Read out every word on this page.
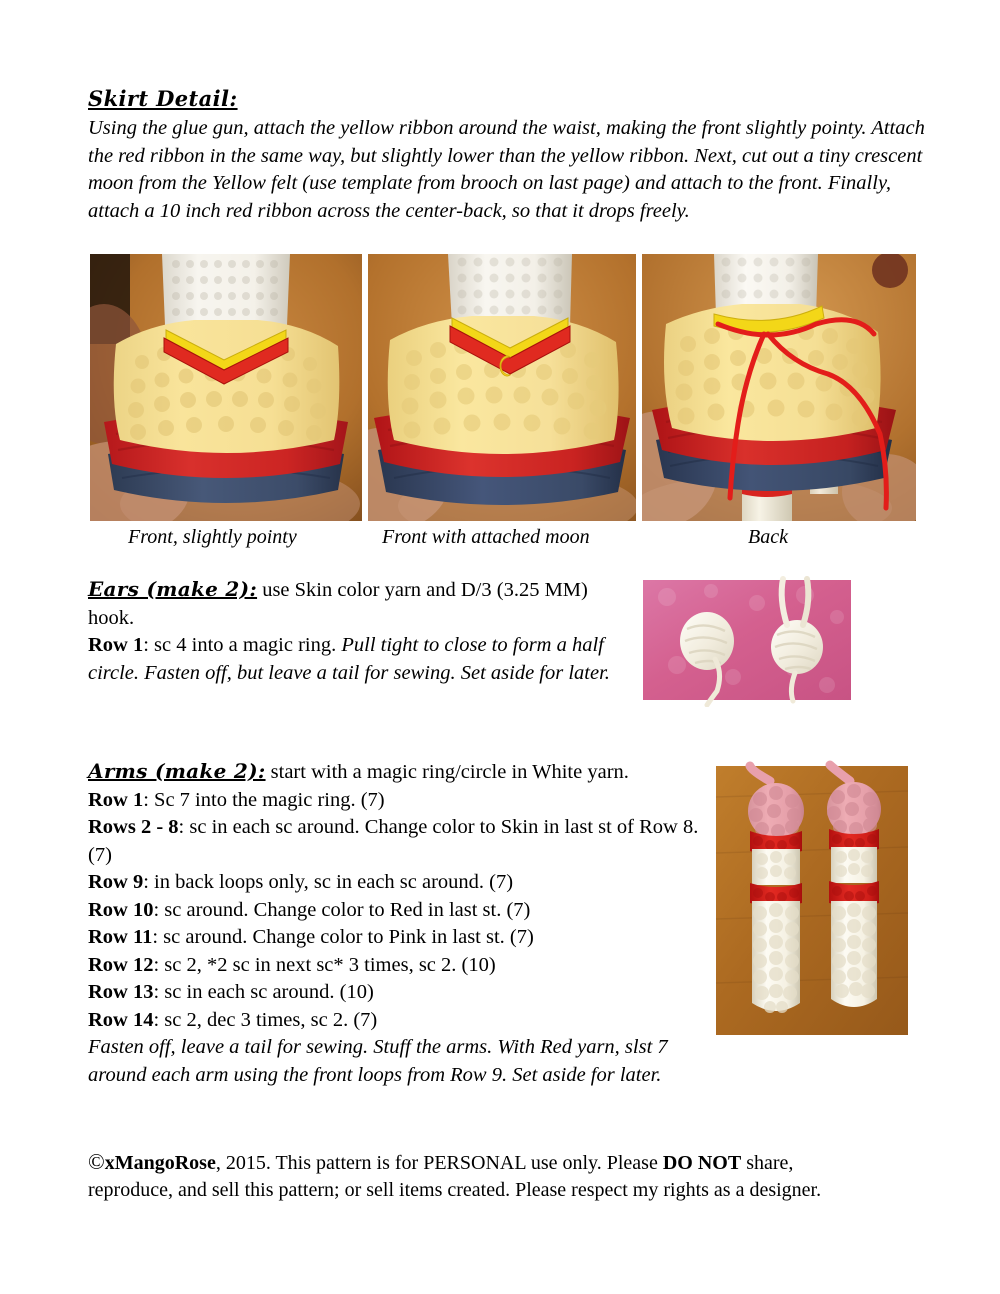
Skirt Detail:

Using the glue gun, attach the yellow ribbon around the waist, making the front slightly pointy. Attach the red ribbon in the same way, but slightly lower than the yellow ribbon. Next, cut out a tiny crescent moon from the Yellow felt (use template from brooch on last page) and attach to the front. Finally, attach a 10 inch red ribbon across the center-back, so that it drops freely.

Front, slightly pointy	Front with attached moon	Back

Ears (make 2): use Skin color yarn and D/3 (3.25 MM) hook.

Row 1: sc 4 into a magic ring. Pull tight to close to form a half circle. Fasten off, but leave a tail for sewing. Set aside for later.

Arms (make 2): start with a magic ring/circle in White yarn.

Row 1: Sc 7 into the magic ring. (7)

Rows 2 - 8: sc in each sc around. Change color to Skin in last st of Row 8. (7)

Row 9: in back loops only, sc in each sc around. (7)

Row 10: sc around. Change color to Red in last st. (7)

Row 11: sc around. Change color to Pink in last st. (7)

Row 12: sc 2, *2 sc in next sc* 3 times, sc 2. (10)

Row 13: sc in each sc around. (10)

Row 14: sc 2, dec 3 times, sc 2. (7)

Fasten off, leave a tail for sewing. Stuff the arms. With Red yarn, slst 7 around each arm using the front loops from Row 9. Set aside for later.

©xMangoRose, 2015. This pattern is for PERSONAL use only. Please DO NOT share,

reproduce, and sell this pattern; or sell items created. Please respect my rights as a designer.
